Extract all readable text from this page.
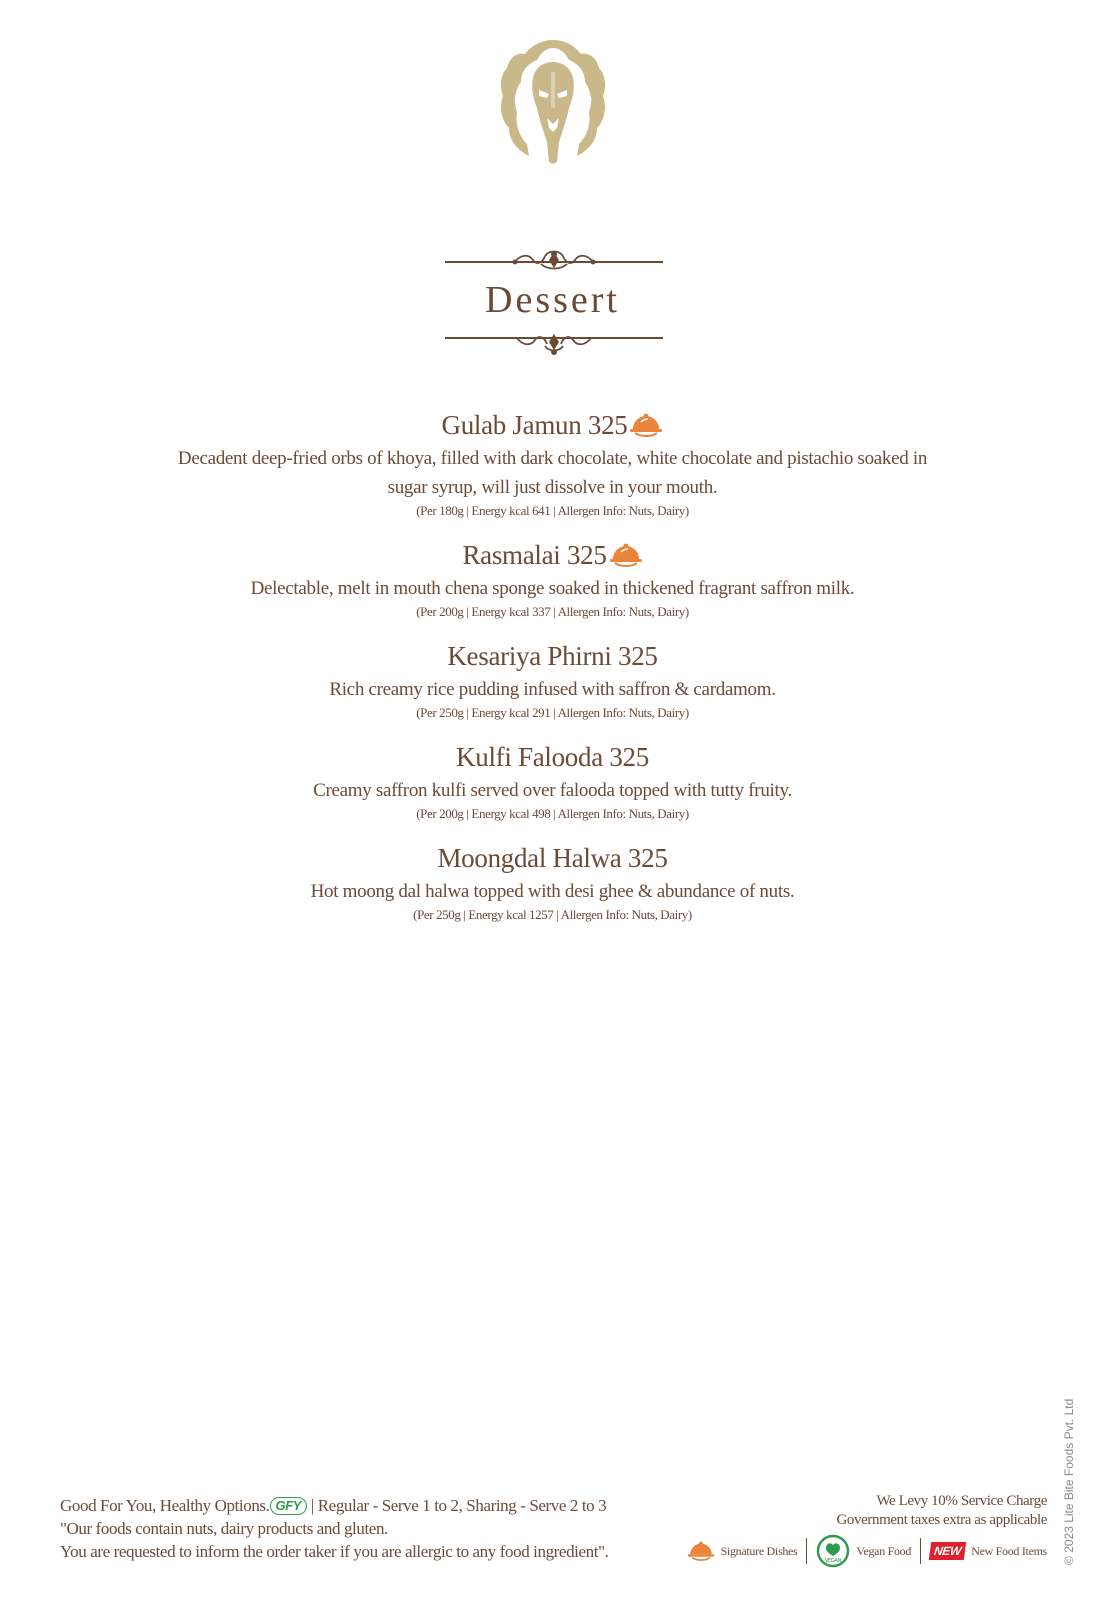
Dessert
Gulab Jamun 325
Decadent deep-fried orbs of khoya, filled with dark chocolate, white chocolate and pistachio soaked in sugar syrup, will just dissolve in your mouth.
(Per 180g | Energy kcal 641 | Allergen Info: Nuts, Dairy)
Rasmalai 325
Delectable, melt in mouth chena sponge soaked in thickened fragrant saffron milk.
(Per 200g | Energy kcal 337 | Allergen Info: Nuts, Dairy)
Kesariya Phirni 325
Rich creamy rice pudding infused with saffron & cardamom.
(Per 250g | Energy kcal 291 | Allergen Info: Nuts, Dairy)
Kulfi Falooda 325
Creamy saffron kulfi served over falooda topped with tutty fruity.
(Per 200g | Energy kcal 498 | Allergen Info: Nuts, Dairy)
Moongdal Halwa 325
Hot moong dal halwa topped with desi ghee & abundance of nuts.
(Per 250g | Energy kcal 1257 | Allergen Info: Nuts, Dairy)
Good For You, Healthy Options. GFY | Regular - Serve 1 to 2, Sharing - Serve 2 to 3
"Our foods contain nuts, dairy products and gluten.
You are requested to inform the order taker if you are allergic to any food ingredient".
We Levy 10% Service Charge
Government taxes extra as applicable
Signature Dishes
VEGAN
Vegan Food	NEW New Food Items © 2023 Lite Bite Foods Pvt. Ltd
